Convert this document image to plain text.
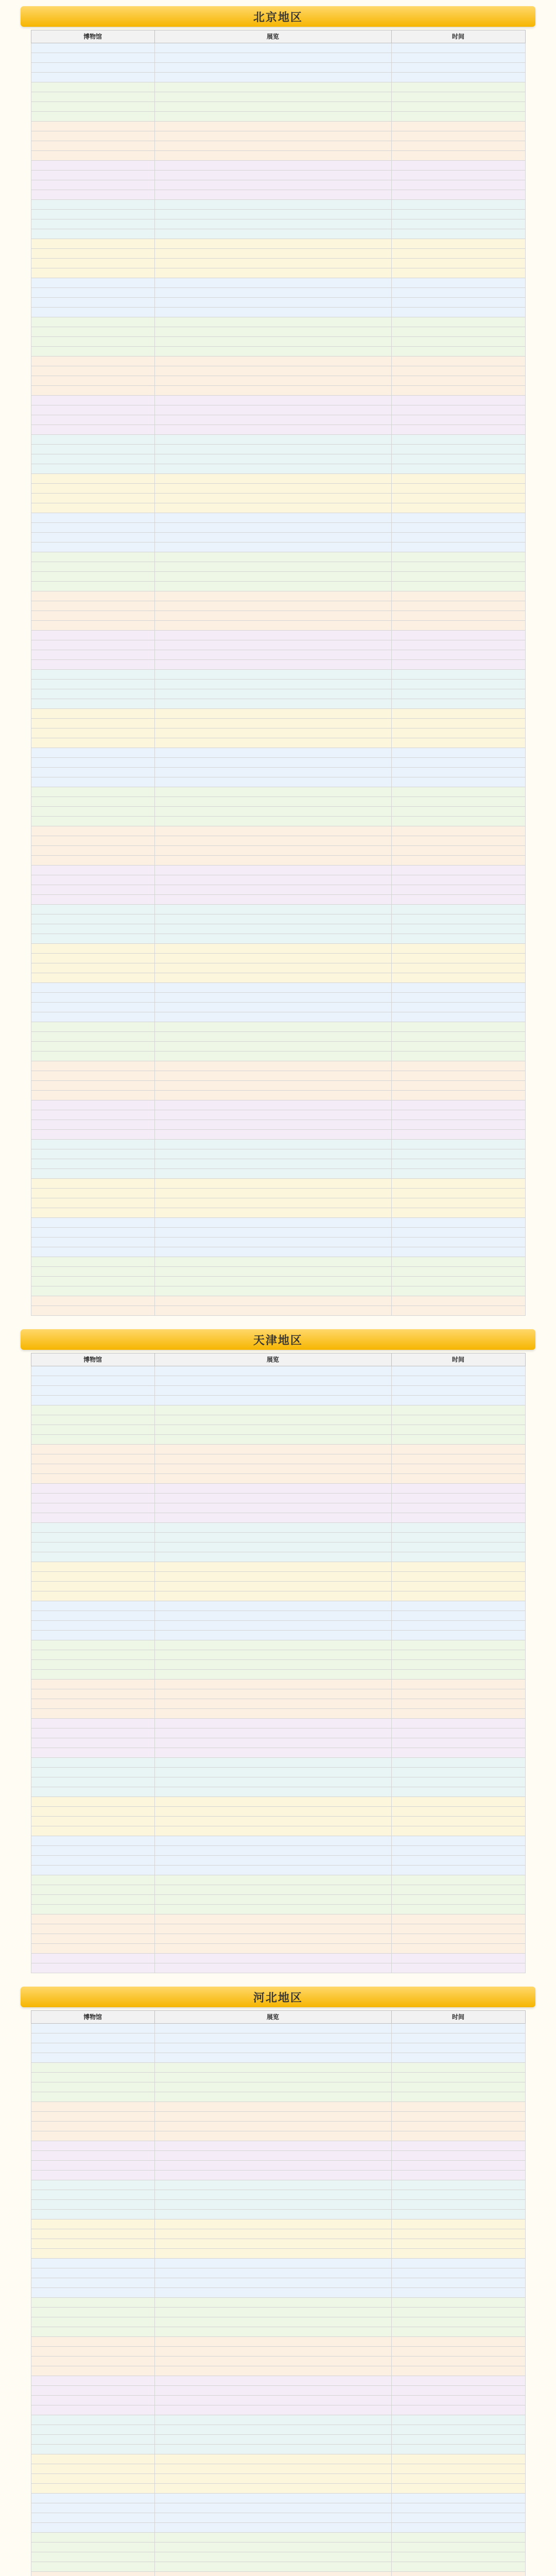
北京地区
博物馆	展览	时间

天津地区
博物馆	展览	时间

河北地区
博物馆	展览	时间
